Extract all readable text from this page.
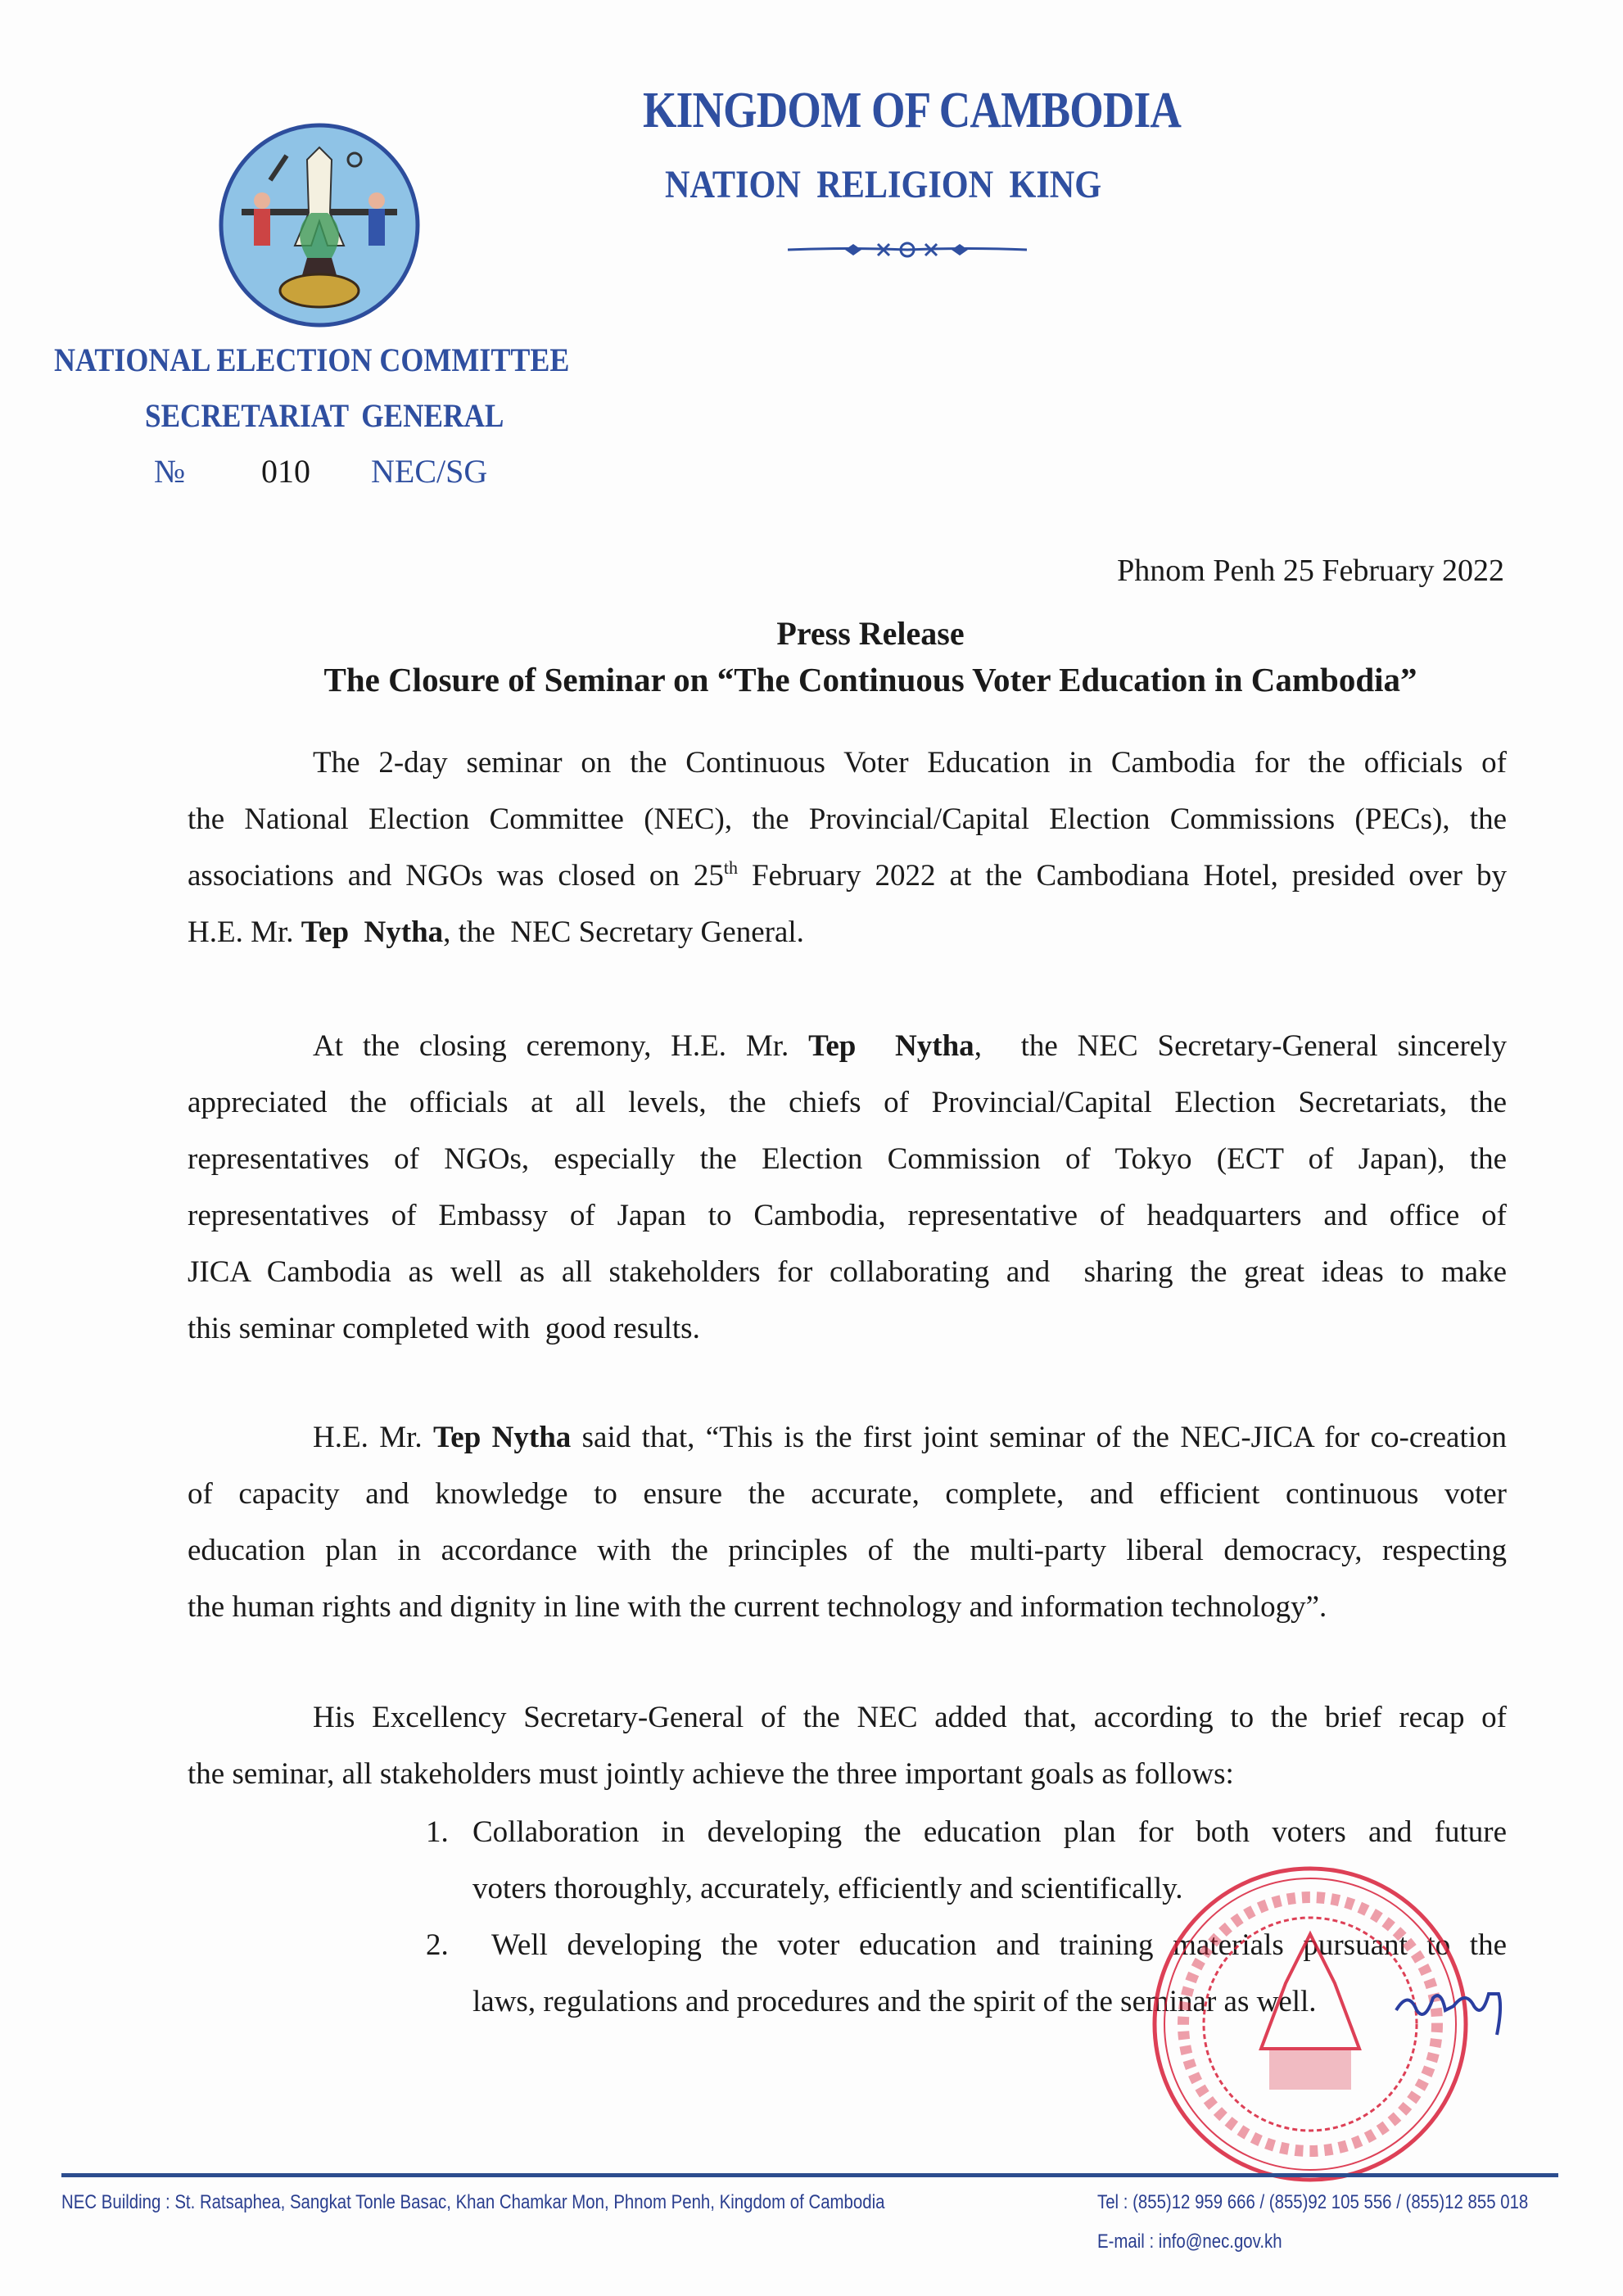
KINGDOM OF CAMBODIA
NATION RELIGION KING
NATIONAL ELECTION COMMITTEE
SECRETARIAT GENERAL
№ 010 NEC/SG
Phnom Penh 25 February 2022
Press Release
The Closure of Seminar on “The Continuous Voter Education in Cambodia”
The 2-day seminar on the Continuous Voter Education in Cambodia for the officials of
the National Election Committee (NEC), the Provincial/Capital Election Commissions (PECs), the
associations and NGOs was closed on 25th February 2022 at the Cambodiana Hotel, presided over by
H.E. Mr. Tep  Nytha, the  NEC Secretary General.
At the closing ceremony, H.E. Mr. Tep  Nytha,  the NEC Secretary-General sincerely
appreciated the officials at all levels, the chiefs of Provincial/Capital Election Secretariats, the
representatives of NGOs, especially the Election Commission of Tokyo (ECT of Japan), the
representatives of Embassy of Japan to Cambodia, representative of headquarters and office of
JICA Cambodia as well as all stakeholders for collaborating and  sharing the great ideas to make
this seminar completed with  good results.
H.E. Mr. Tep Nytha said that, “This is the first joint seminar of the NEC-JICA for co-creation
of capacity and knowledge to ensure the accurate, complete, and efficient continuous voter
education plan in accordance with the principles of the multi-party liberal democracy, respecting
the human rights and dignity in line with the current technology and information technology”.
His Excellency Secretary-General of the NEC added that, according to the brief recap of
the seminar, all stakeholders must jointly achieve the three important goals as follows:
1. Collaboration in developing the education plan for both voters and future
voters thoroughly, accurately, efficiently and scientifically.
2. Well developing the voter education and training materials pursuant to the
laws, regulations and procedures and the spirit of the seminar as well.
NEC Building : St. Ratsaphea, Sangkat Tonle Basac, Khan Chamkar Mon, Phnom Penh, Kingdom of Cambodia	Tel : (855)12 959 666 / (855)92 105 556 / (855)12 855 018
E-mail : info@nec.gov.kh
